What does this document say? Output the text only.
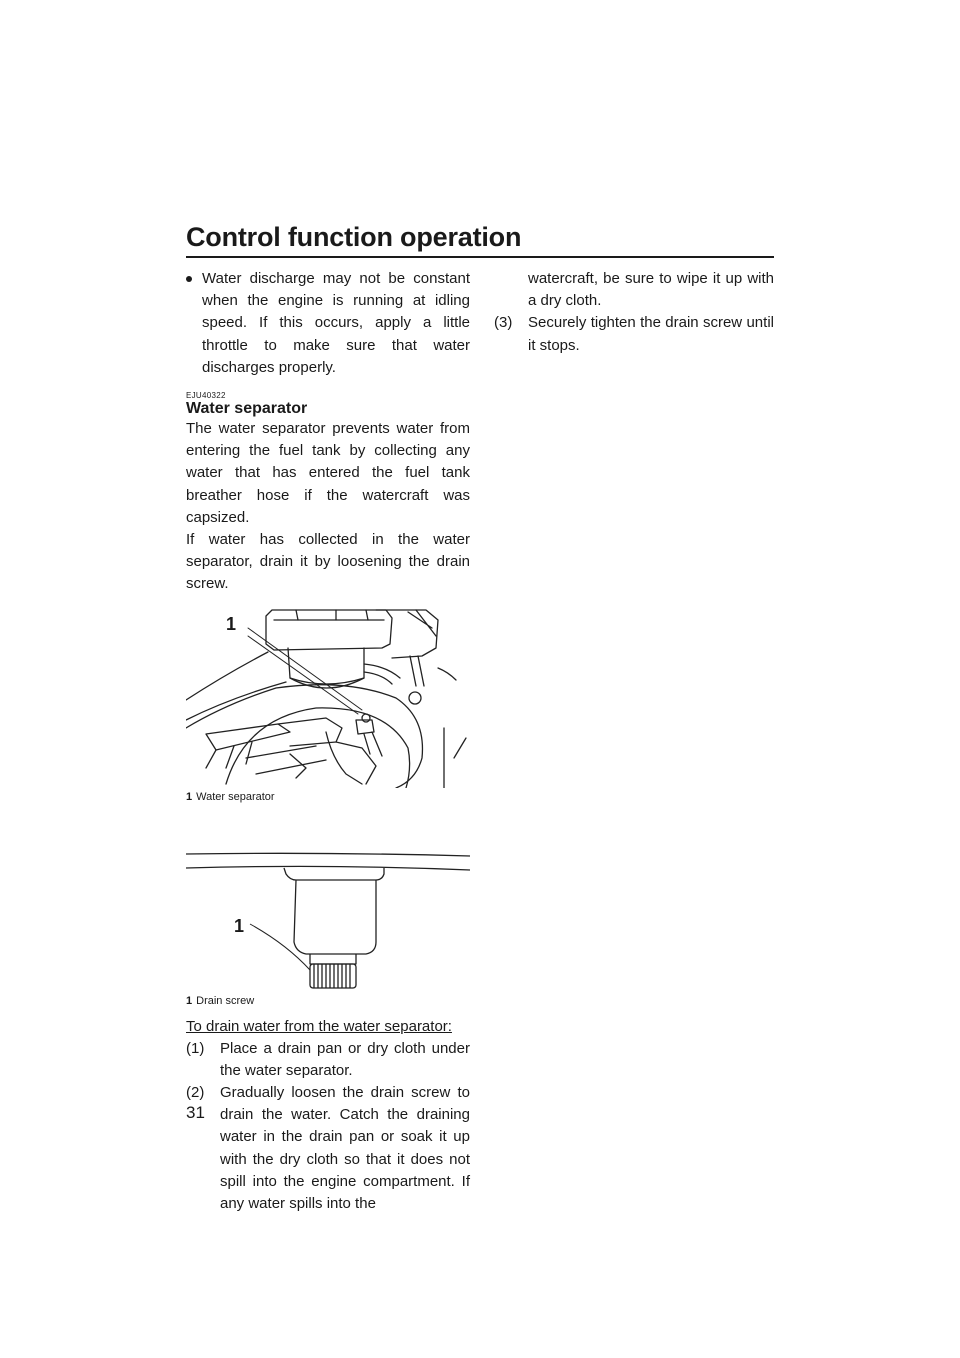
Control function operation
Water discharge may not be constant when the engine is running at idling speed. If this occurs, apply a little throttle to make sure that water discharges properly.
EJU40322
Water separator

The water separator prevents water from entering the fuel tank by collecting any water that has entered the fuel tank breather hose if the watercraft was capsized.

If water has collected in the water separator, drain it by loosening the drain screw.

1
1 Water separator
1
1 Drain screw
To drain water from the water separator:
(1) Place a drain pan or dry cloth under the water separator.
(2) Gradually loosen the drain screw to drain the water. Catch the draining water in the drain pan or soak it up with the dry cloth so that it does not spill into the engine compartment. If any water spills into the

watercraft, be sure to wipe it up with a dry cloth.

(3) Securely tighten the drain screw until it stops.
31
